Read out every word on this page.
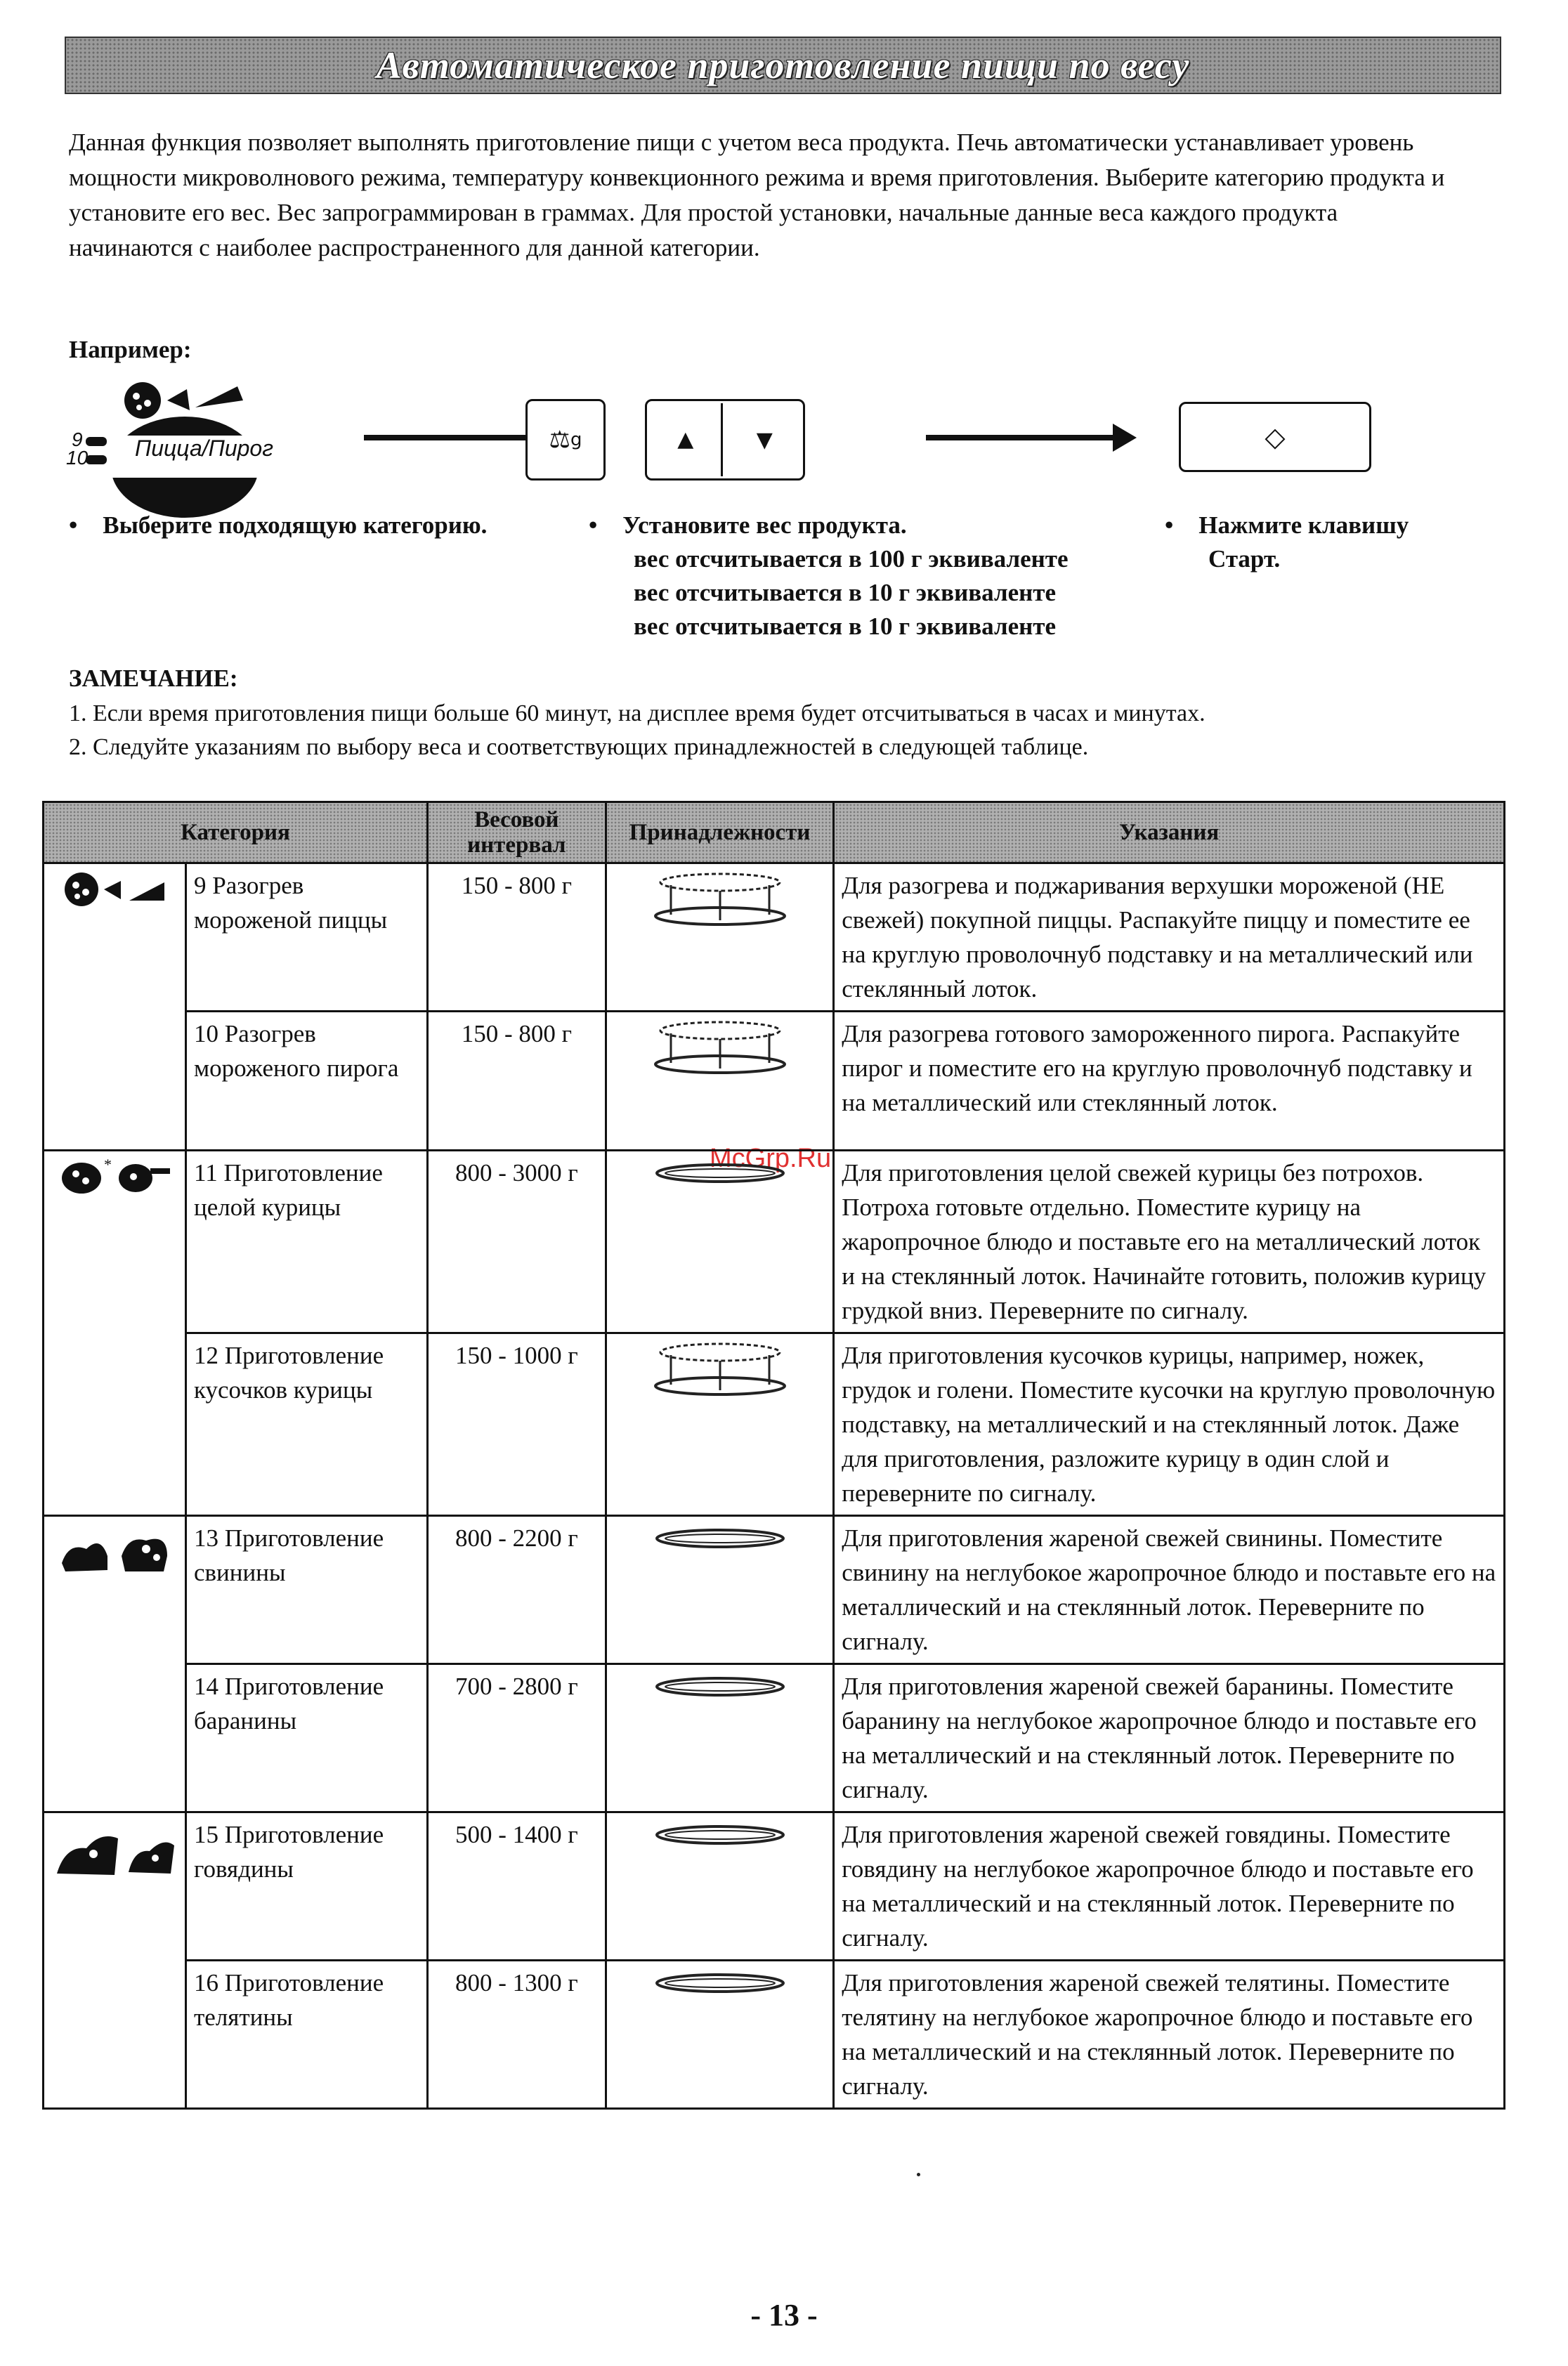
Автоматическое приготовление пищи по весу
Данная функция позволяет выполнять приготовление пищи с учетом веса продукта. Печь автоматически устанавливает уровень мощности микроволнового режима, температуру конвекционного режима и время приготовления. Выберите категорию продукта и установите его вес. Вес запрограммирован в граммах. Для простой установки, начальные данные веса каждого продукта начинаются с наиболее распространенного для данной категории.
Например:
9
10 Пицца/Пирог	⚖ g	▲	▼	◇
• Выберите подходящую категорию.	• Установите вес продукта.
вес отсчитывается в 100 г эквиваленте
вес отсчитывается в 10 г эквиваленте
вес отсчитывается в 10 г эквиваленте
• Нажмите клавишу
Старт.
ЗАМЕЧАНИЕ:
1. Если время приготовления пищи больше 60 минут, на дисплее время будет отсчитываться в часах и минутах.
2. Следуйте указаниям по выбору веса и соответствующих принадлежностей в следующей таблице.
McGrp.Ru
Категория		Весовой интервал	Принадлежности	Указания
	9 Разогрев мороженой пиццы	150 - 800 г		Для разогрева и поджаривания верхушки мороженой (НЕ свежей) покупной пиццы. Распакуйте пиццу и поместите ее на круглую проволочнуб подставку и на металлический или стеклянный лоток.
	10 Разогрев мороженого пирога	150 - 800 г		Для разогрева готового замороженного пирога. Распакуйте пирог и поместите его на круглую проволочнуб подставку и на металлический или стеклянный лоток.

*	11 Приготовление целой курицы	800 - 3000 г		Для приготовления целой свежей курицы без потрохов. Потроха готовьте отдельно. Поместите курицу на жаропрочное блюдо и поставьте его на металлический лоток и на стеклянный лоток. Начинайте готовить, положив курицу грудкой вниз. Переверните по сигналу.
	12 Приготовление кусочков курицы	150 - 1000 г		Для приготовления кусочков курицы, например, ножек, грудок и голени. Поместите кусочки на круглую проволочную подставку, на металлический и на стеклянный лоток. Даже для приготовления, разложите курицу в один слой и переверните по сигналу.
	13 Приготовление свинины	800 - 2200 г		Для приготовления жареной свежей свинины. Поместите свинину на неглубокое жаропрочное блюдо и поставьте его на металлический и на стеклянный лоток. Переверните по сигналу.
	14 Приготовление баранины	700 - 2800 г		Для приготовления жареной свежей баранины. Поместите баранину на неглубокое жаропрочное блюдо и поставьте его на металлический и на стеклянный лоток. Переверните по сигналу.
	15 Приготовление говядины	500 - 1400 г		Для приготовления жареной свежей говядины. Поместите говядину на неглубокое жаропрочное блюдо и поставьте его на металлический и на стеклянный лоток. Переверните по сигналу.
	16 Приготовление телятины	800 - 1300 г		Для приготовления жареной свежей телятины. Поместите телятину на неглубокое жаропрочное блюдо и поставьте его на металлический и на стеклянный лоток. Переверните по сигналу.
- 13 -
